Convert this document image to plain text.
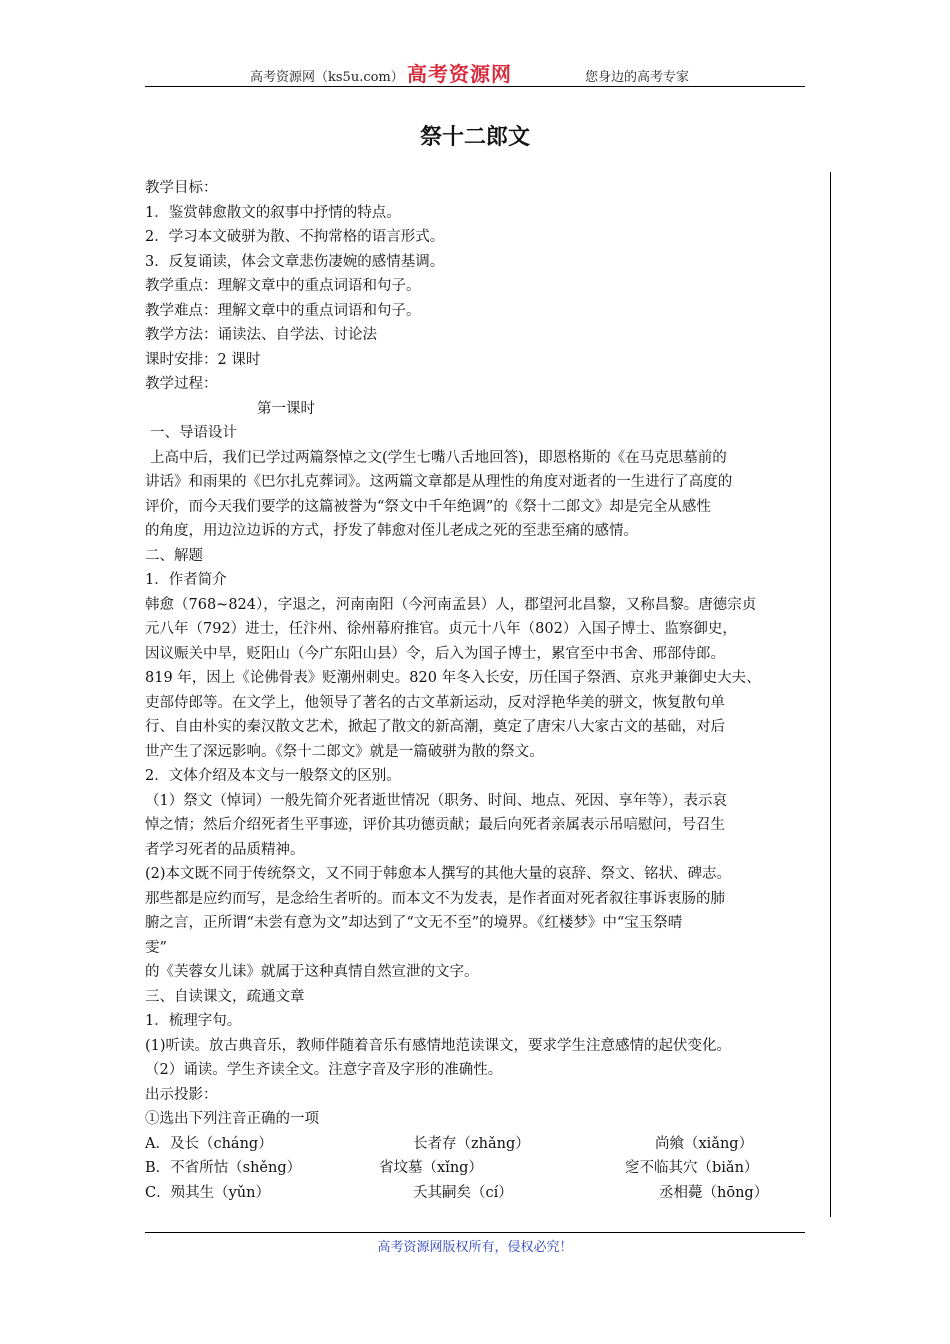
高考资源网（ks5u.com） 高考资源网	您身边的高考专家
祭十二郎文

教学目标：

1．鉴赏韩愈散文的叙事中抒情的特点。

2．学习本文破骈为散、不拘常格的语言形式。

3．反复诵读，体会文章悲伤凄婉的感情基调。

教学重点：理解文章中的重点词语和句子。

教学难点：理解文章中的重点词语和句子。

教学方法：诵读法、自学法、讨论法

课时安排：2 课时

教学过程：

第一课时

一、导语设计

上高中后，我们已学过两篇祭悼之文(学生七嘴八舌地回答)，即恩格斯的《在马克思墓前的

讲话》和雨果的《巴尔扎克葬词》。这两篇文章都是从理性的角度对逝者的一生进行了高度的

评价，而今天我们要学的这篇被誉为“祭文中千年绝调”的《祭十二郎文》却是完全从感性

的角度，用边泣边诉的方式，抒发了韩愈对侄儿老成之死的至悲至痛的感情。

二、解题

1．作者简介

韩愈（768~824），字退之，河南南阳（今河南孟县）人，郡望河北昌黎，又称昌黎。唐德宗贞

元八年（792）进士，任汴州、徐州幕府推官。贞元十八年（802）入国子博士、监察御史，

因议赈关中旱，贬阳山（今广东阳山县）令，后入为国子博士，累官至中书舍、邢部侍郎。

819 年，因上《论佛骨表》贬潮州刺史。820 年冬入长安，历任国子祭酒、京兆尹兼御史大夫、

吏部侍郎等。在文学上，他领导了著名的古文革新运动，反对浮艳华美的骈文，恢复散句单

行、自由朴实的秦汉散文艺术，掀起了散文的新高潮，奠定了唐宋八大家古文的基础，对后

世产生了深远影响。《祭十二郎文》就是一篇破骈为散的祭文。

2．文体介绍及本文与一般祭文的区别。

（1）祭文（悼词）一般先简介死者逝世情况（职务、时间、地点、死因、享年等），表示哀

悼之情；然后介绍死者生平事迹，评价其功德贡献；最后向死者亲属表示吊唁慰问，号召生

者学习死者的品质精神。

(2)本文既不同于传统祭文，又不同于韩愈本人撰写的其他大量的哀辞、祭文、铭状、碑志。

那些都是应约而写，是念给生者听的。而本文不为发表，是作者面对死者叙往事诉衷肠的肺

腑之言，正所谓“未尝有意为文”却达到了“文无不至”的境界。《红楼梦》中“宝玉祭晴

雯”

的《芙蓉女儿诔》就属于这种真情自然宣泄的文字。

三、自读课文，疏通文章

1．梳理字句。

(1)听读。放古典音乐，教师伴随着音乐有感情地范读课文，要求学生注意感情的起伏变化。

（2）诵读。学生齐读全文。注意字音及字形的准确性。

出示投影：

①选出下列注音正确的一项

A．及长（cháng）	长者存（zhǎng）	尚飨（xiǎng）
B．不省所怙（shěng）	省坟墓（xǐng）	窆不临其穴（biǎn）
C．殒其生（yǔn）	夭其嗣矣（cí）	丞相薨（hōng）
高考资源网版权所有，侵权必究！
